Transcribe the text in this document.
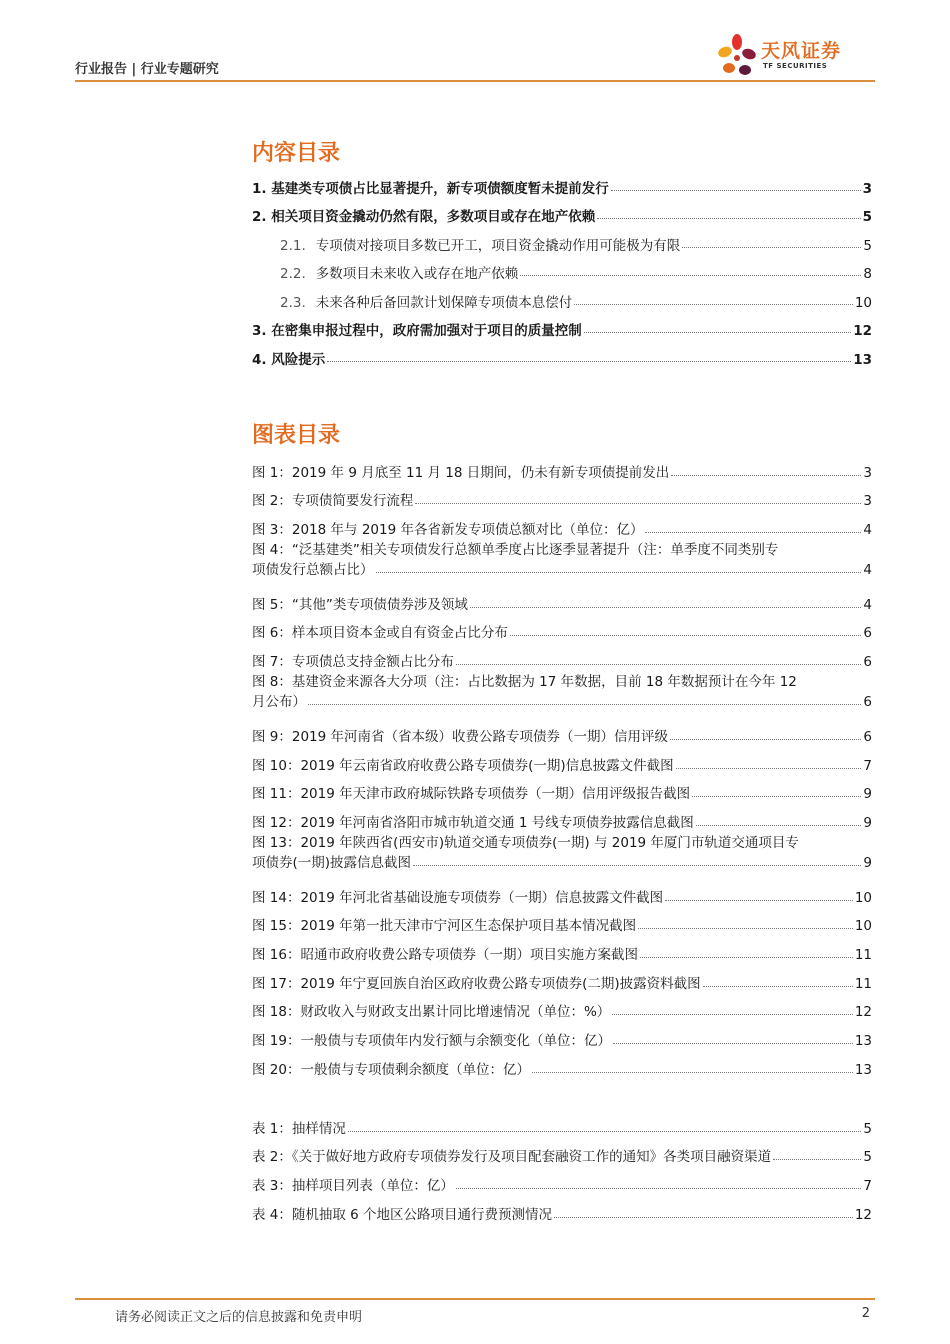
行业报告 | 行业专题研究
天风证券
TF SECURITIES
内容目录
1. 基建类专项债占比显著提升，新专项债额度暂未提前发行	3
2. 相关项目资金撬动仍然有限，多数项目或存在地产依赖	5
2.1. 专项债对接项目多数已开工，项目资金撬动作用可能极为有限	5
2.2. 多数项目未来收入或存在地产依赖	8
2.3. 未来各种后备回款计划保障专项债本息偿付	10
3. 在密集申报过程中，政府需加强对于项目的质量控制	12
4. 风险提示	13
图表目录
图 1：2019 年 9 月底至 11 月 18 日期间，仍未有新专项债提前发出	3
图 2：专项债简要发行流程	3
图 3：2018 年与 2019 年各省新发专项债总额对比（单位：亿）	4
图 4：“泛基建类”相关专项债发行总额单季度占比逐季显著提升（注：单季度不同类别专
项债发行总额占比）	4
图 5：“其他”类专项债债券涉及领域	4
图 6：样本项目资本金或自有资金占比分布	6
图 7：专项债总支持金额占比分布	6
图 8：基建资金来源各大分项（注：占比数据为 17 年数据，目前 18 年数据预计在今年 12
月公布）	6
图 9：2019 年河南省（省本级）收费公路专项债券（一期）信用评级	6
图 10：2019 年云南省政府收费公路专项债券(一期)信息披露文件截图	7
图 11：2019 年天津市政府城际铁路专项债券（一期）信用评级报告截图	9
图 12：2019 年河南省洛阳市城市轨道交通 1 号线专项债券披露信息截图	9
图 13：2019 年陕西省(西安市)轨道交通专项债券(一期) 与 2019 年厦门市轨道交通项目专
项债券(一期)披露信息截图	9
图 14：2019 年河北省基础设施专项债券（一期）信息披露文件截图	10
图 15：2019 年第一批天津市宁河区生态保护项目基本情况截图	10
图 16：昭通市政府收费公路专项债券（一期）项目实施方案截图	11
图 17：2019 年宁夏回族自治区政府收费公路专项债券(二期)披露资料截图	11
图 18：财政收入与财政支出累计同比增速情况（单位：%）	12
图 19：一般债与专项债年内发行额与余额变化（单位：亿）	13
图 20：一般债与专项债剩余额度（单位：亿）	13
表 1：抽样情况	5
表 2：《关于做好地方政府专项债券发行及项目配套融资工作的通知》各类项目融资渠道	5
表 3：抽样项目列表（单位：亿）	7
表 4：随机抽取 6 个地区公路项目通行费预测情况	12
请务必阅读正文之后的信息披露和免责申明	2
